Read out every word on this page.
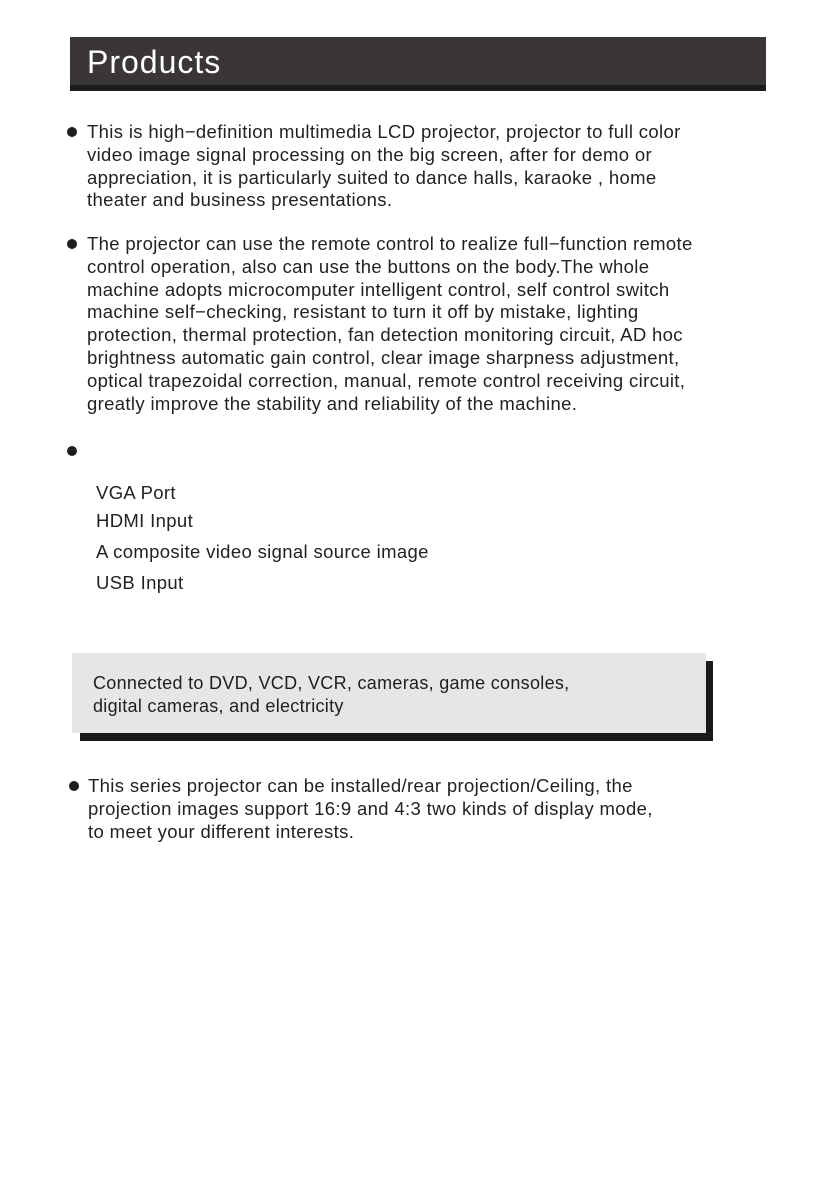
Products
This is high−definition multimedia LCD projector, projector to full color
video image signal processing on the big screen, after for demo or
appreciation, it is particularly suited to dance halls, karaoke , home
theater and business presentations.
The projector can use the remote control to realize full−function remote
control operation, also can use the buttons on the body.The whole
machine adopts microcomputer intelligent control, self control switch
machine self−checking, resistant to turn it off by mistake, lighting
protection, thermal protection, fan detection monitoring circuit, AD hoc
brightness automatic gain control, clear image sharpness adjustment,
optical trapezoidal correction, manual, remote control receiving circuit,
greatly improve the stability and reliability of the machine.
VGA Port
HDMI Input
A composite video signal source image
USB Input
Connected to DVD, VCD, VCR, cameras, game consoles,
digital cameras, and electricity
This series projector can be installed/rear projection/Ceiling, the
projection images support 16:9 and 4:3 two kinds of display mode,
to meet your different interests.
